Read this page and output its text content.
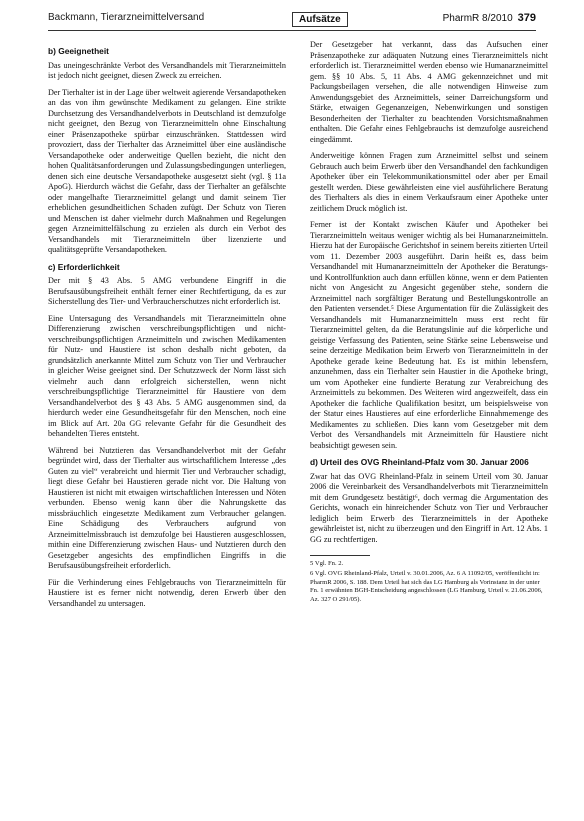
Backmann, Tierarzneimittelversand	Aufsätze	PharmR 8/2010 379
b) Geeignetheit

Das uneingeschränkte Verbot des Versandhandels mit Tierarzneimitteln ist jedoch nicht geeignet, diesen Zweck zu erreichen.

Der Tierhalter ist in der Lage über weltweit agierende Versandapotheken an das von ihm gewünschte Medikament zu gelangen. Eine strikte Durchsetzung des Versandhandelverbots in Deutschland ist demzufolge nicht geeignet, den Bezug von Tierarzneimitteln ohne Einschaltung einer Präsenzapotheke spürbar einzuschränken. Stattdessen wird provoziert, dass der Tierhalter das Arzneimittel über eine ausländische Versandapotheke oder anderweitige Quellen bezieht, die nicht den hohen Qualitätsanforderungen und Zulassungsbedingungen unterliegen, denen sich eine deutsche Versandapotheke ausgesetzt sieht (vgl. § 11a ApoG). Hierdurch wächst die Gefahr, dass der Tierhalter an gefälschte oder mangelhafte Tierarzneimittel gelangt und damit seinem Tier erheblichen gesundheitlichen Schaden zufügt. Der Schutz von Tieren und Menschen ist daher vielmehr durch Maßnahmen und Regelungen gegen Arzneimittelfälschung zu erzielen als durch ein Verbot des Versandhandels mit Tierarzneimitteln über lizenzierte und qualitätsgeprüfte Versandapotheken.

c) Erforderlichkeit

Der mit § 43 Abs. 5 AMG verbundene Eingriff in die Berufsausübungsfreiheit enthält ferner einer Rechtfertigung, da es zur Sicherstellung des Tier- und Verbraucherschutzes nicht erforderlich ist.

Eine Untersagung des Versandhandels mit Tierarzneimitteln ohne Differenzierung zwischen verschreibungspflichtigen und nicht-verschreibungspflichtigen Arzneimitteln und zwischen Medikamenten für Nutz- und Haustiere ist schon deshalb nicht geboten, da grundsätzlich anerkannte Mittel zum Schutz von Tier und Verbraucher in gleicher Weise geeignet sind. Der Schutzzweck der Norm lässt sich vielmehr auch dann erfolgreich sicherstellen, wenn nicht verschreibungspflichtige Tierarzneimittel für Haustiere von dem Versandhandelverbot des § 43 Abs. 5 AMG ausgenommen sind, da hierdurch weder eine Gesundheitsgefahr für den Menschen, noch eine im Blick auf Art. 20a GG relevante Gefahr für die Gesundheit des behandelten Tieres entsteht.

Während bei Nutztieren das Versandhandelverbot mit der Gefahr begründet wird, dass der Tierhalter aus wirtschaftlichem Interesse „des Guten zu viel“ verabreicht und hiermit Tier und Verbraucher schadigt, liegt diese Gefahr bei Haustieren gerade nicht vor. Die Haltung von Haustieren ist nicht mit etwaigen wirtschaftlichen Interessen und Nöten verbunden. Ebenso wenig kann über die Nahrungskette das missbräuchlich eingesetzte Medikament zum Verbraucher gelangen. Eine Schädigung des Verbrauchers aufgrund von Arzneimittelmissbrauch ist demzufolge bei Haustieren ausgeschlossen, mithin eine Differenzierung zwischen Haus- und Nutztieren durch den Gesetzgeber angesichts des empfindlichen Eingriffs in die Berufsausübungsfreiheit erforderlich.

Für die Verhinderung eines Fehlgebrauchs von Tierarzneimitteln für Haustiere ist es ferner nicht notwendig, deren Erwerb über den Versandhandel zu untersagen.

Der Gesetzgeber hat verkannt, dass das Aufsuchen einer Präsenzapotheke zur adäquaten Nutzung eines Tierarzneimittels nicht erforderlich ist. Tierarzneimittel werden ebenso wie Humanarzneimittel gem. §§ 10 Abs. 5, 11 Abs. 4 AMG gekennzeichnet und mit Packungsbeilagen versehen, die alle notwendigen Hinweise zum Anwendungsgebiet des Arzneimittels, seiner Darreichungsform und Stärke, etwaigen Gegenanzeigen, Nebenwirkungen und sonstigen Besonderheiten der Tierhalter zu beachtenden Vorsichtsmaßnahmen enthalten. Die Gefahr eines Fehlgebrauchs ist demzufolge ausreichend eingedämmt.

Anderweitige können Fragen zum Arzneimittel selbst und seinem Gebrauch auch beim Erwerb über den Versandhandel den fachkundigen Apotheker über ein Telekommunikationsmittel oder aber per Email gestellt werden. Diese gewährleisten eine viel ausführlichere Beratung des Tierhalters als dies in einem Verkaufsraum einer Apotheke unter zeitlichem Druck möglich ist.

Ferner ist der Kontakt zwischen Käufer und Apotheker bei Tierarzneimitteln weitaus weniger wichtig als bei Humanarzneimitteln. Hierzu hat der Europäische Gerichtshof in seinem bereits zitierten Urteil vom 11. Dezember 2003 ausgeführt. Darin heißt es, dass beim Versandhandel mit Humanarzneimitteln der Apotheker die Beratungs- und Kontrollfunktion auch dann erfüllen könne, wenn er dem Patienten nicht von Angesicht zu Angesicht gegenüber stehe, sondern die Arzneimittel nach sorgfältiger Beratung und Bestellungskontrolle an den Patienten versendet.⁵ Diese Argumentation für die Zulässigkeit des Versandhandels mit Humanarzneimitteln muss erst recht für Tierarzneimittel gelten, da die Beratungslinie auf die körperliche und geistige Verfassung des Patienten, seine Stärke seine Lebensweise und seine derzeitige Medikation beim Erwerb von Tierarzneimitteln in der Apotheke gerade keine Bedeutung hat. Es ist mithin lebensfern, anzunehmen, dass ein Tierhalter sein Haustier in die Apotheke bringt, um vom Apotheker eine fundierte Beratung zur Verabreichung des Arzneimittels zu bekommen. Des Weiteren wird angezweifelt, dass ein Apotheker die fachliche Qualifikation besitzt, um beispielsweise von der Statur eines Haustieres auf eine erforderliche Einnahmemenge des Medikamentes zu schließen. Dies kann vom Gesetzgeber mit dem Verbot des Versandhandels mit Arzneimitteln für Haustiere nicht beabsichtigt gewesen sein.

d) Urteil des OVG Rheinland-Pfalz vom 30. Januar 2006

Zwar hat das OVG Rheinland-Pfalz in seinem Urteil vom 30. Januar 2006 die Vereinbarkeit des Versandhandelverbots mit Tierarzneimitteln mit dem Grundgesetz bestätigt⁶, doch vermag die Argumentation des Gerichts, wonach ein hinreichender Schutz von Tier und Verbraucher lediglich beim Erwerb des Tierarzneimittels in der Apotheke gewährleistet ist, nicht zu überzeugen und den Eingriff in Art. 12 Abs. 1 GG zu rechtfertigen.

5 Vgl. Fn. 2.

6 Vgl. OVG Rheinland-Pfalz, Urteil v. 30.01.2006, Az. 6 A 11092/05, veröffentlicht in: PharmR 2006, S. 188. Dem Urteil hat sich das LG Hamburg als Vorinstanz in der unter Fn. 1 erwähnten BGH-Entscheidung angeschlossen (LG Hamburg, Urteil v. 21.06.2006, Az. 327 O 291/05).
